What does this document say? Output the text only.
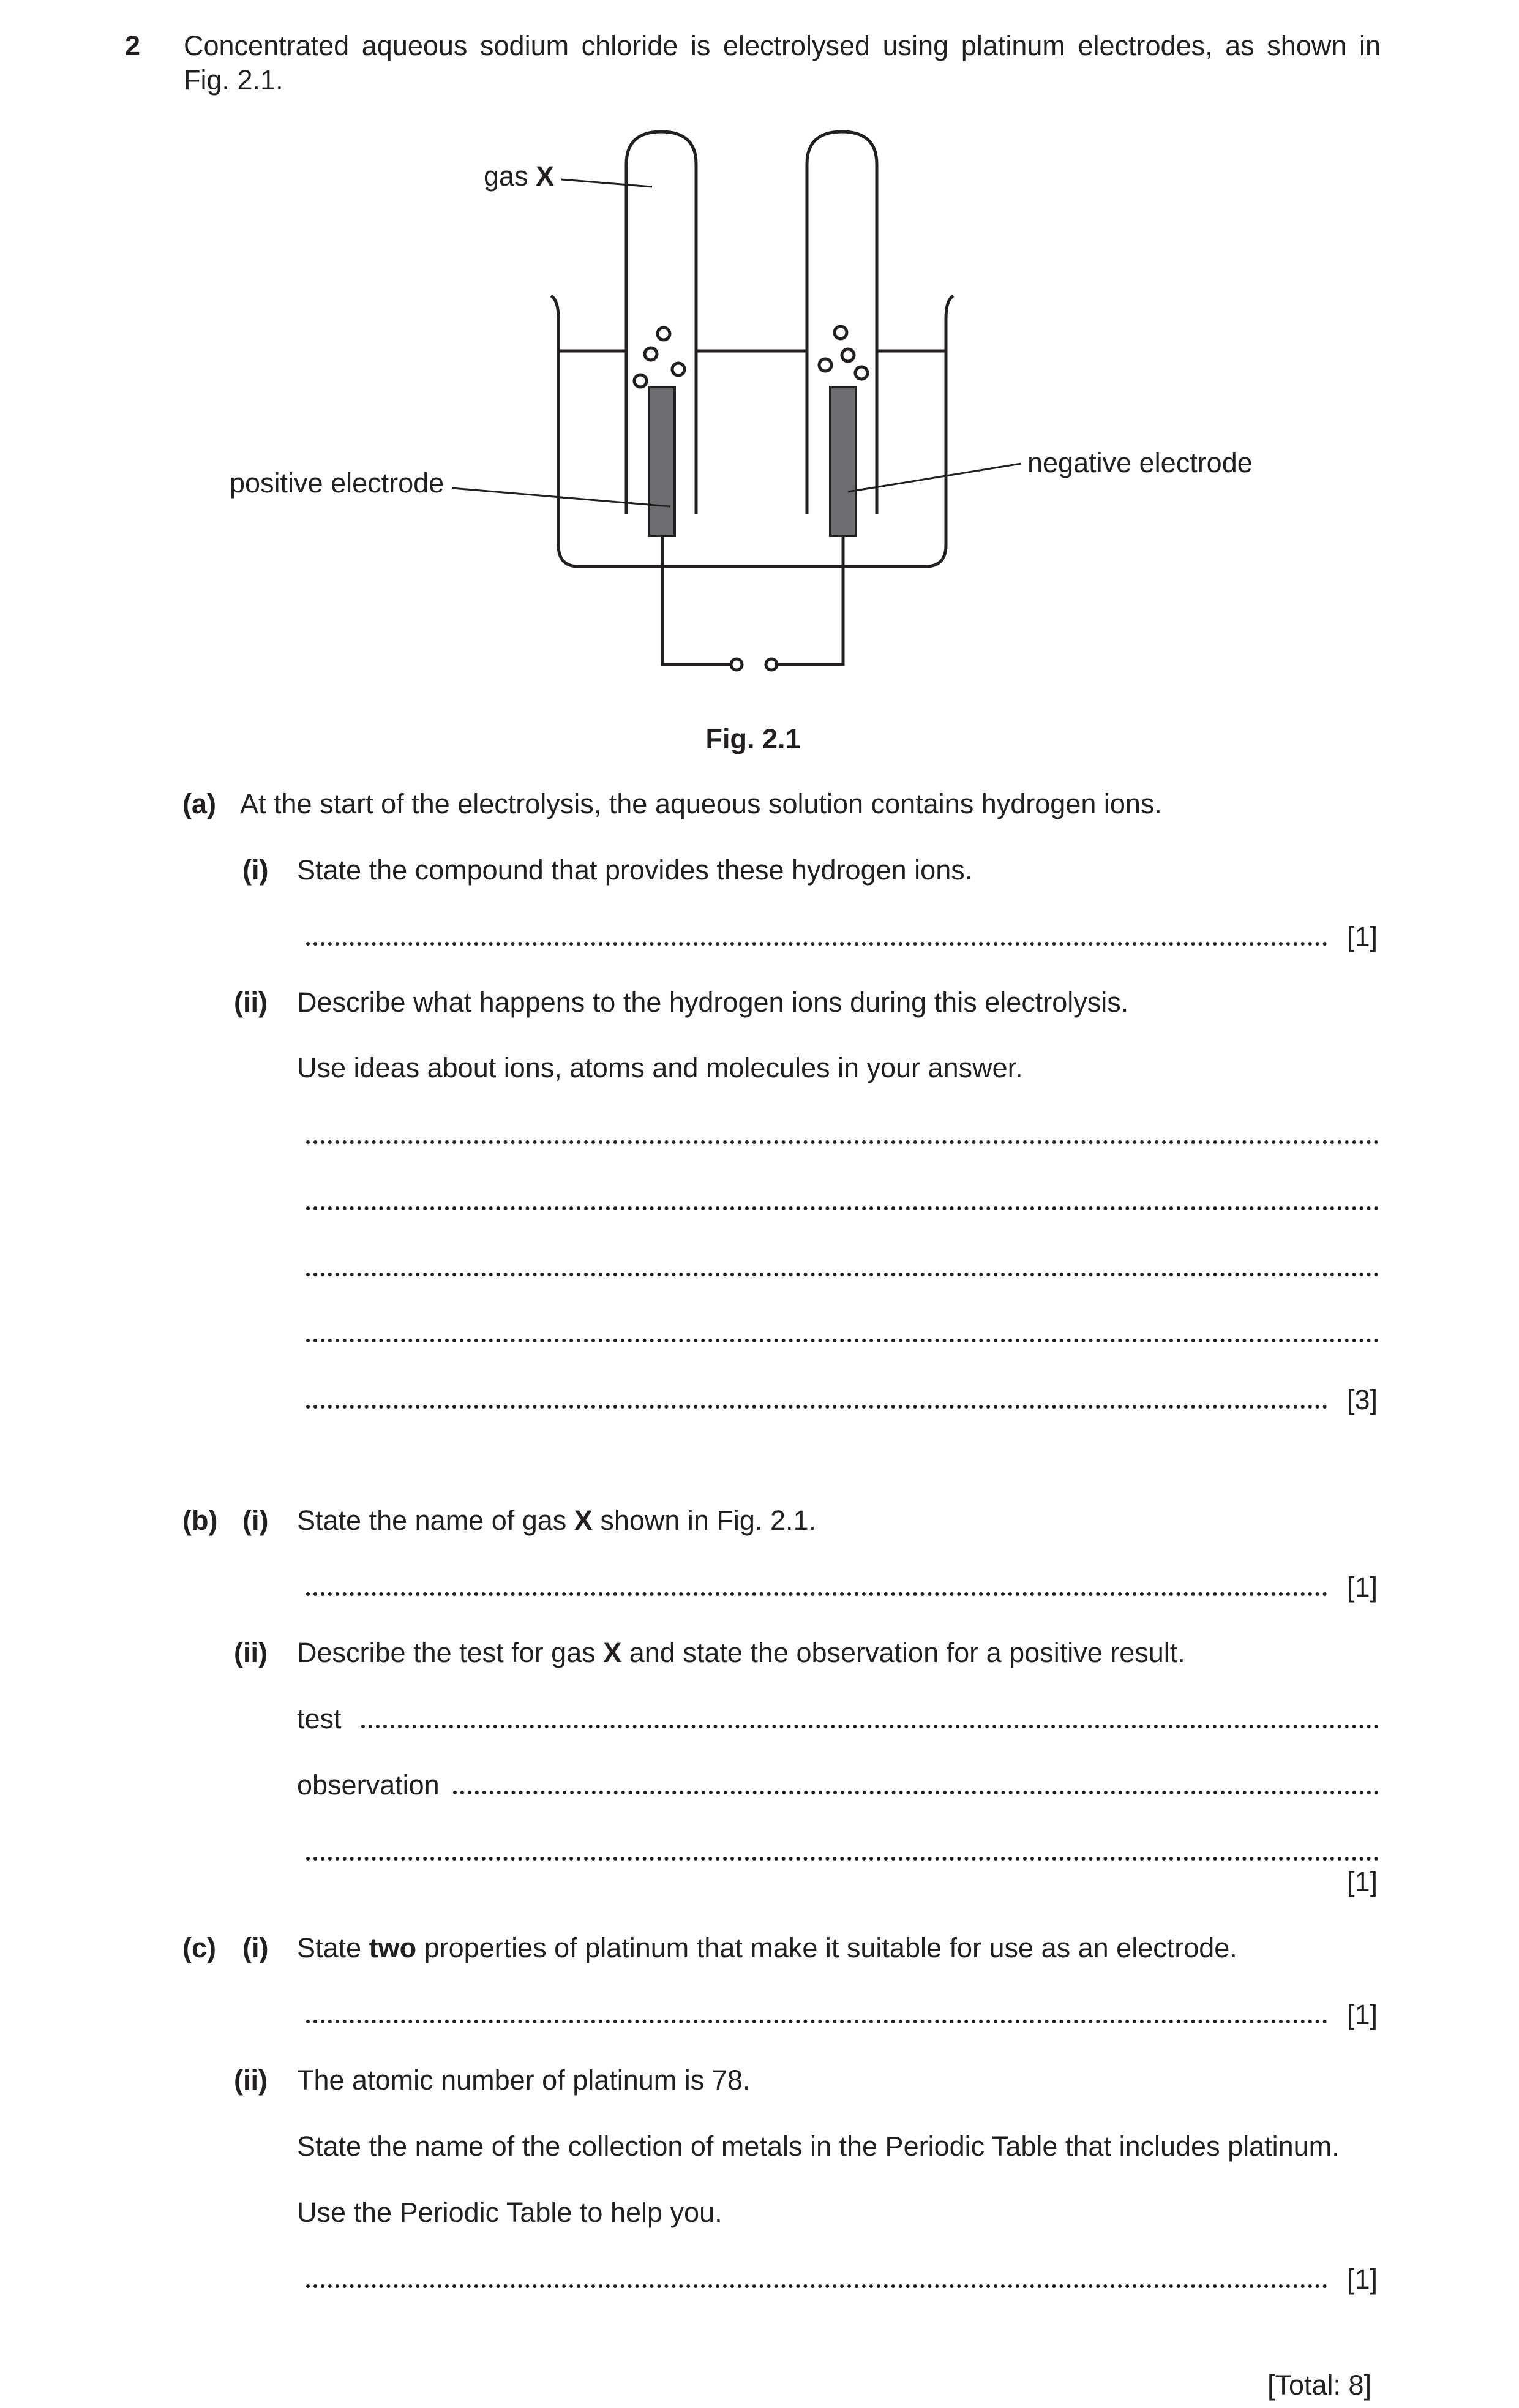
2 Concentrated aqueous sodium chloride is electrolysed using platinum electrodes, as shown in
Fig. 2.1.
gas X
positive electrode
negative electrode
Fig. 2.1
(a) At the start of the electrolysis, the aqueous solution contains hydrogen ions.
(i) State the compound that provides these hydrogen ions.
[1]
(ii) Describe what happens to the hydrogen ions during this electrolysis.
Use ideas about ions, atoms and molecules in your answer.
[3]
(b) (i) State the name of gas X shown in Fig. 2.1.
[1]
(ii) Describe the test for gas X and state the observation for a positive result.
test
observation
[1]
(c) (i) State two properties of platinum that make it suitable for use as an electrode.
[1]
(ii) The atomic number of platinum is 78.
State the name of the collection of metals in the Periodic Table that includes platinum.
Use the Periodic Table to help you.
[1]
[Total: 8]
